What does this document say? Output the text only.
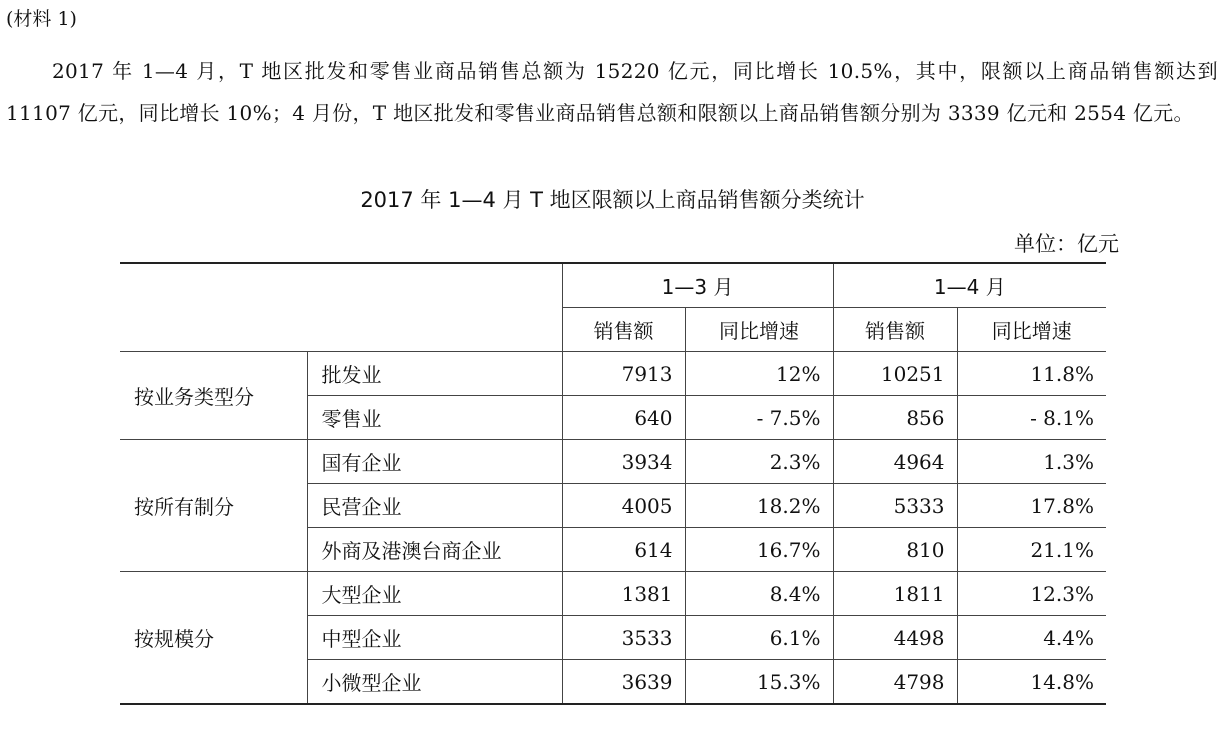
(材料 1)
2017 年 1—4 月，T 地区批发和零售业商品销售总额为 15220 亿元，同比增长 10.5%，其中，限额以上商品销售额达到 11107 亿元，同比增长 10%；4 月份，T 地区批发和零售业商品销售总额和限额以上商品销售额分别为 3339 亿元和 2554 亿元。
2017 年 1—4 月 T 地区限额以上商品销售额分类统计
单位：亿元
		1—3 月		1—4 月	
		销售额	同比增速	销售额	同比增速
按业务类型分	批发业	7913	12%	10251	11.8%
	零售业	640	- 7.5%	856	- 8.1%
按所有制分	国有企业	3934	2.3%	4964	1.3%
	民营企业	4005	18.2%	5333	17.8%
	外商及港澳台商企业	614	16.7%	810	21.1%
按规模分	大型企业	1381	8.4%	1811	12.3%
	中型企业	3533	6.1%	4498	4.4%
	小微型企业	3639	15.3%	4798	14.8%
